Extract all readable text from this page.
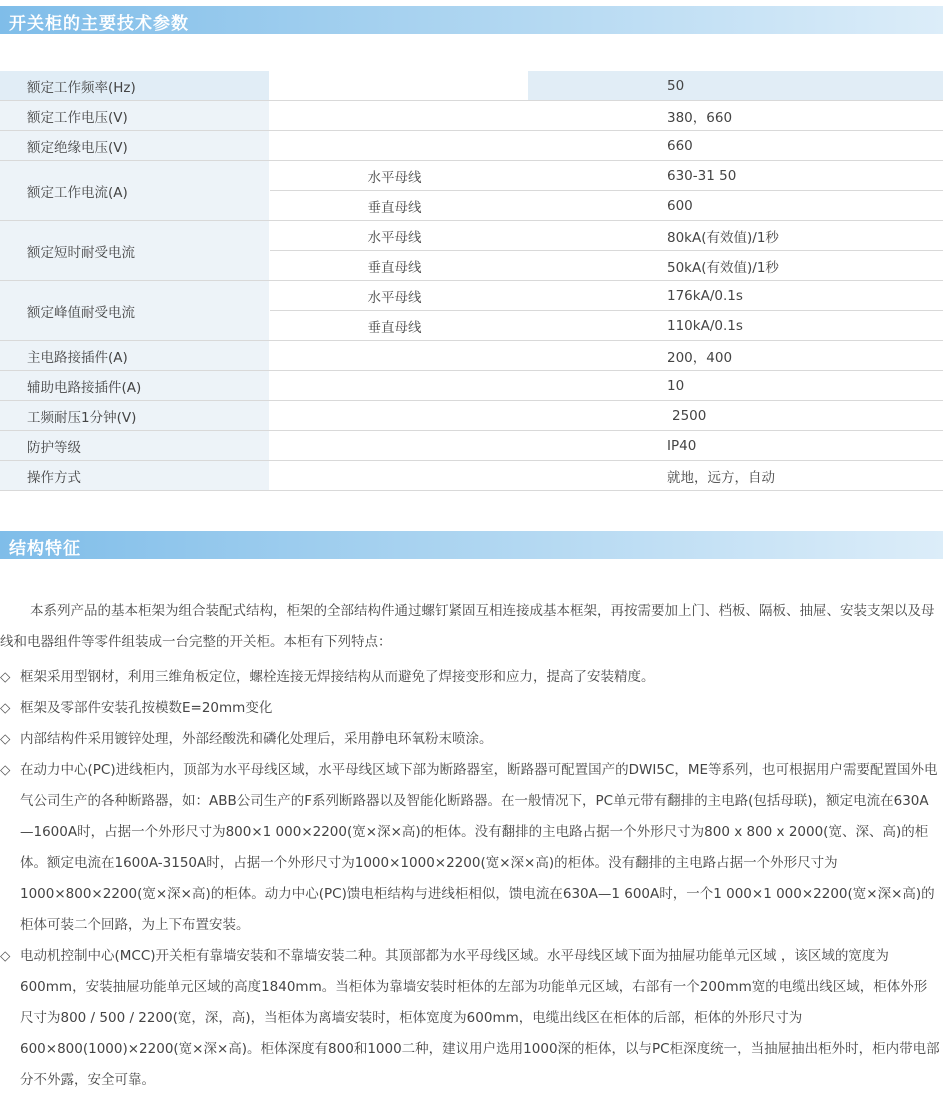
开关柜的主要技术参数
额定工作频率(Hz)		50
额定工作电压(V)		380，660
额定绝缘电压(V)		660
额定工作电流(A)	水平母线	630-31 50
	垂直母线	600
额定短时耐受电流	水平母线	80kA(有效值)/1秒
	垂直母线	50kA(有效值)/1秒
额定峰值耐受电流	水平母线	176kA/0.1s
	垂直母线	110kA/0.1s
主电路接插件(A)		200，400
辅助电路接插件(A)		10
工频耐压1分钟(V)		2500
防护等级		IP40
操作方式		就地，远方，自动
结构特征

本系列产品的基本柜架为组合装配式结构，柜架的全部结构件通过螺钉紧固互相连接成基本框架，再按需要加上门、档板、隔板、抽屉、安装支架以及母线和电器组件等零件组装成一台完整的开关柜。本柜有下列特点：

◇ 框架采用型钢材，利用三维角板定位，螺栓连接无焊接结构从而避免了焊接变形和应力，提高了安装精度。

◇ 框架及零部件安装孔按模数E=20mm变化

◇ 内部结构件采用镀锌处理，外部经酸洗和磷化处理后，采用静电环氧粉末喷涂。

◇ 在动力中心(PC)进线柜内，顶部为水平母线区域，水平母线区域下部为断路器室，断路器可配置国产的DWI5C，ME等系列，也可根据用户需要配置国外电气公司生产的各种断路器，如：ABB公司生产的F系列断路器以及智能化断路器。在一般情况下，PC单元带有翻排的主电路(包括母联)，额定电流在630A—1600A时，占据一个外形尺寸为800×1 000×2200(宽×深×高)的柜体。没有翻排的主电路占据一个外形尺寸为800 x 800 x 2000(宽、深、高)的柜体。额定电流在1600A-3150A时，占据一个外形尺寸为1000×1000×2200(宽×深×高)的柜体。没有翻排的主电路占据一个外形尺寸为1000×800×2200(宽×深×高)的柜体。动力中心(PC)馈电柜结构与进线柜相似，馈电流在630A—1 600A时，一个1 000×1 000×2200(宽×深×高)的柜体可装二个回路，为上下布置安装。

◇ 电动机控制中心(MCC)开关柜有靠墙安装和不靠墙安装二种。其顶部都为水平母线区域。水平母线区域下面为抽屉功能单元区域 ，该区域的宽度为600mm，安装抽屉功能单元区域的高度1840mm。当柜体为靠墙安装时柜体的左部为功能单元区域，右部有一个200mm宽的电缆出线区域，柜体外形尺寸为800 / 500 / 2200(宽，深，高)，当柜体为离墙安装时，柜体宽度为600mm，电缆出线区在柜体的后部，柜体的外形尺寸为600×800(1000)×2200(宽×深×高)。柜体深度有800和1000二种，建议用户选用1000深的柜体，以与PC柜深度统一，当抽屉抽出柜外时，柜内带电部分不外露，安全可靠。
